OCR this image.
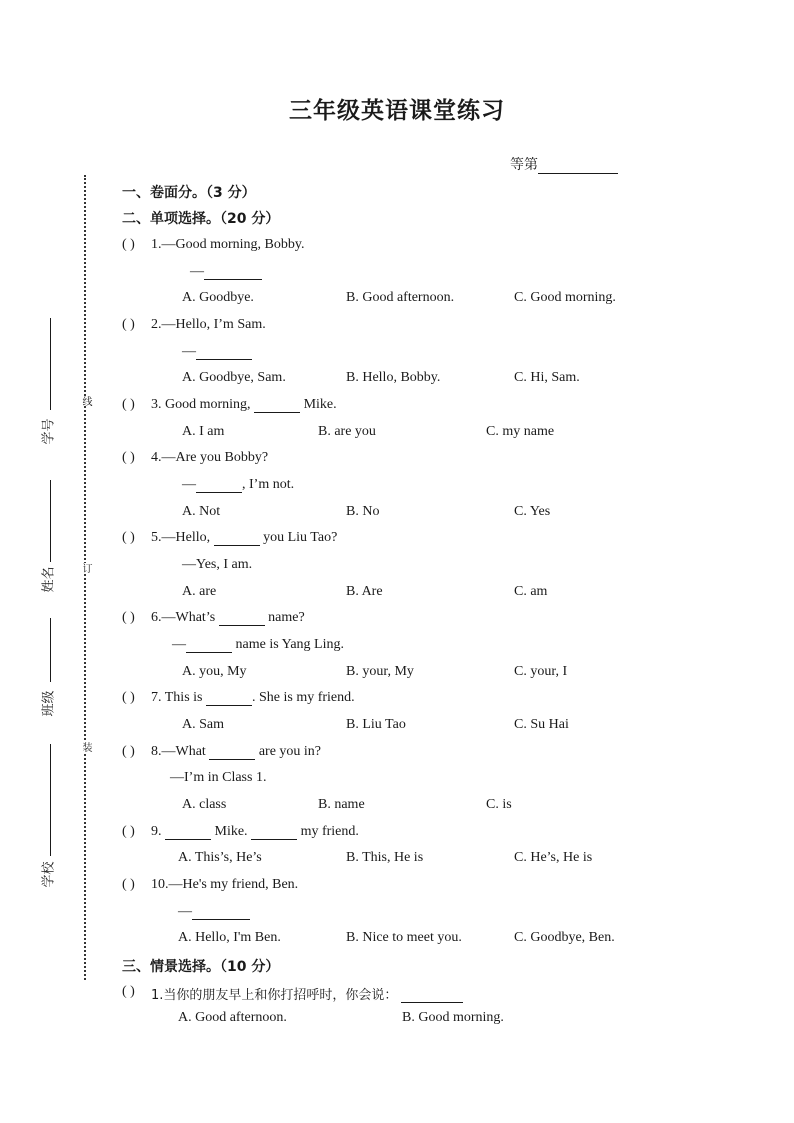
三年级英语课堂练习
等第
线
订
装
学号
姓名
班级
学校
一、卷面分。（3 分）
二、单项选择。（20 分）
( ) 1.—Good morning, Bobby.
—
A. Goodbye.	B. Good afternoon.	C. Good morning.
( ) 2.—Hello, I’m Sam.
—
A. Goodbye, Sam.	B. Hello, Bobby.	C. Hi, Sam.
( ) 3. Good morning,	Mike.
A. I am	B. are you	C. my name
( ) 4.—Are you Bobby?
—	, I’m not.
A. Not	B. No	C. Yes
( ) 5.—Hello,	you Liu Tao?
—Yes, I am.
A. are	B. Are	C. am
( ) 6.—What’s	name?
—	name is Yang Ling.
A. you, My	B. your, My	C. your, I
( ) 7. This is	. She is my friend.
A. Sam	B. Liu Tao	C. Su Hai
( ) 8.—What	are you in?
—I’m in Class 1.
A. class	B. name	C. is
( ) 9.	Mike.	my friend.
A. This’s, He’s	B. This, He is	C. He’s, He is
( ) 10.—He's my friend, Ben.
—
A. Hello, I'm Ben.	B. Nice to meet you.	C. Goodbye, Ben.
三、情景选择。（10 分）
( ) 1.当你的朋友早上和你打招呼时，你会说：
A. Good afternoon.	B. Good morning.
